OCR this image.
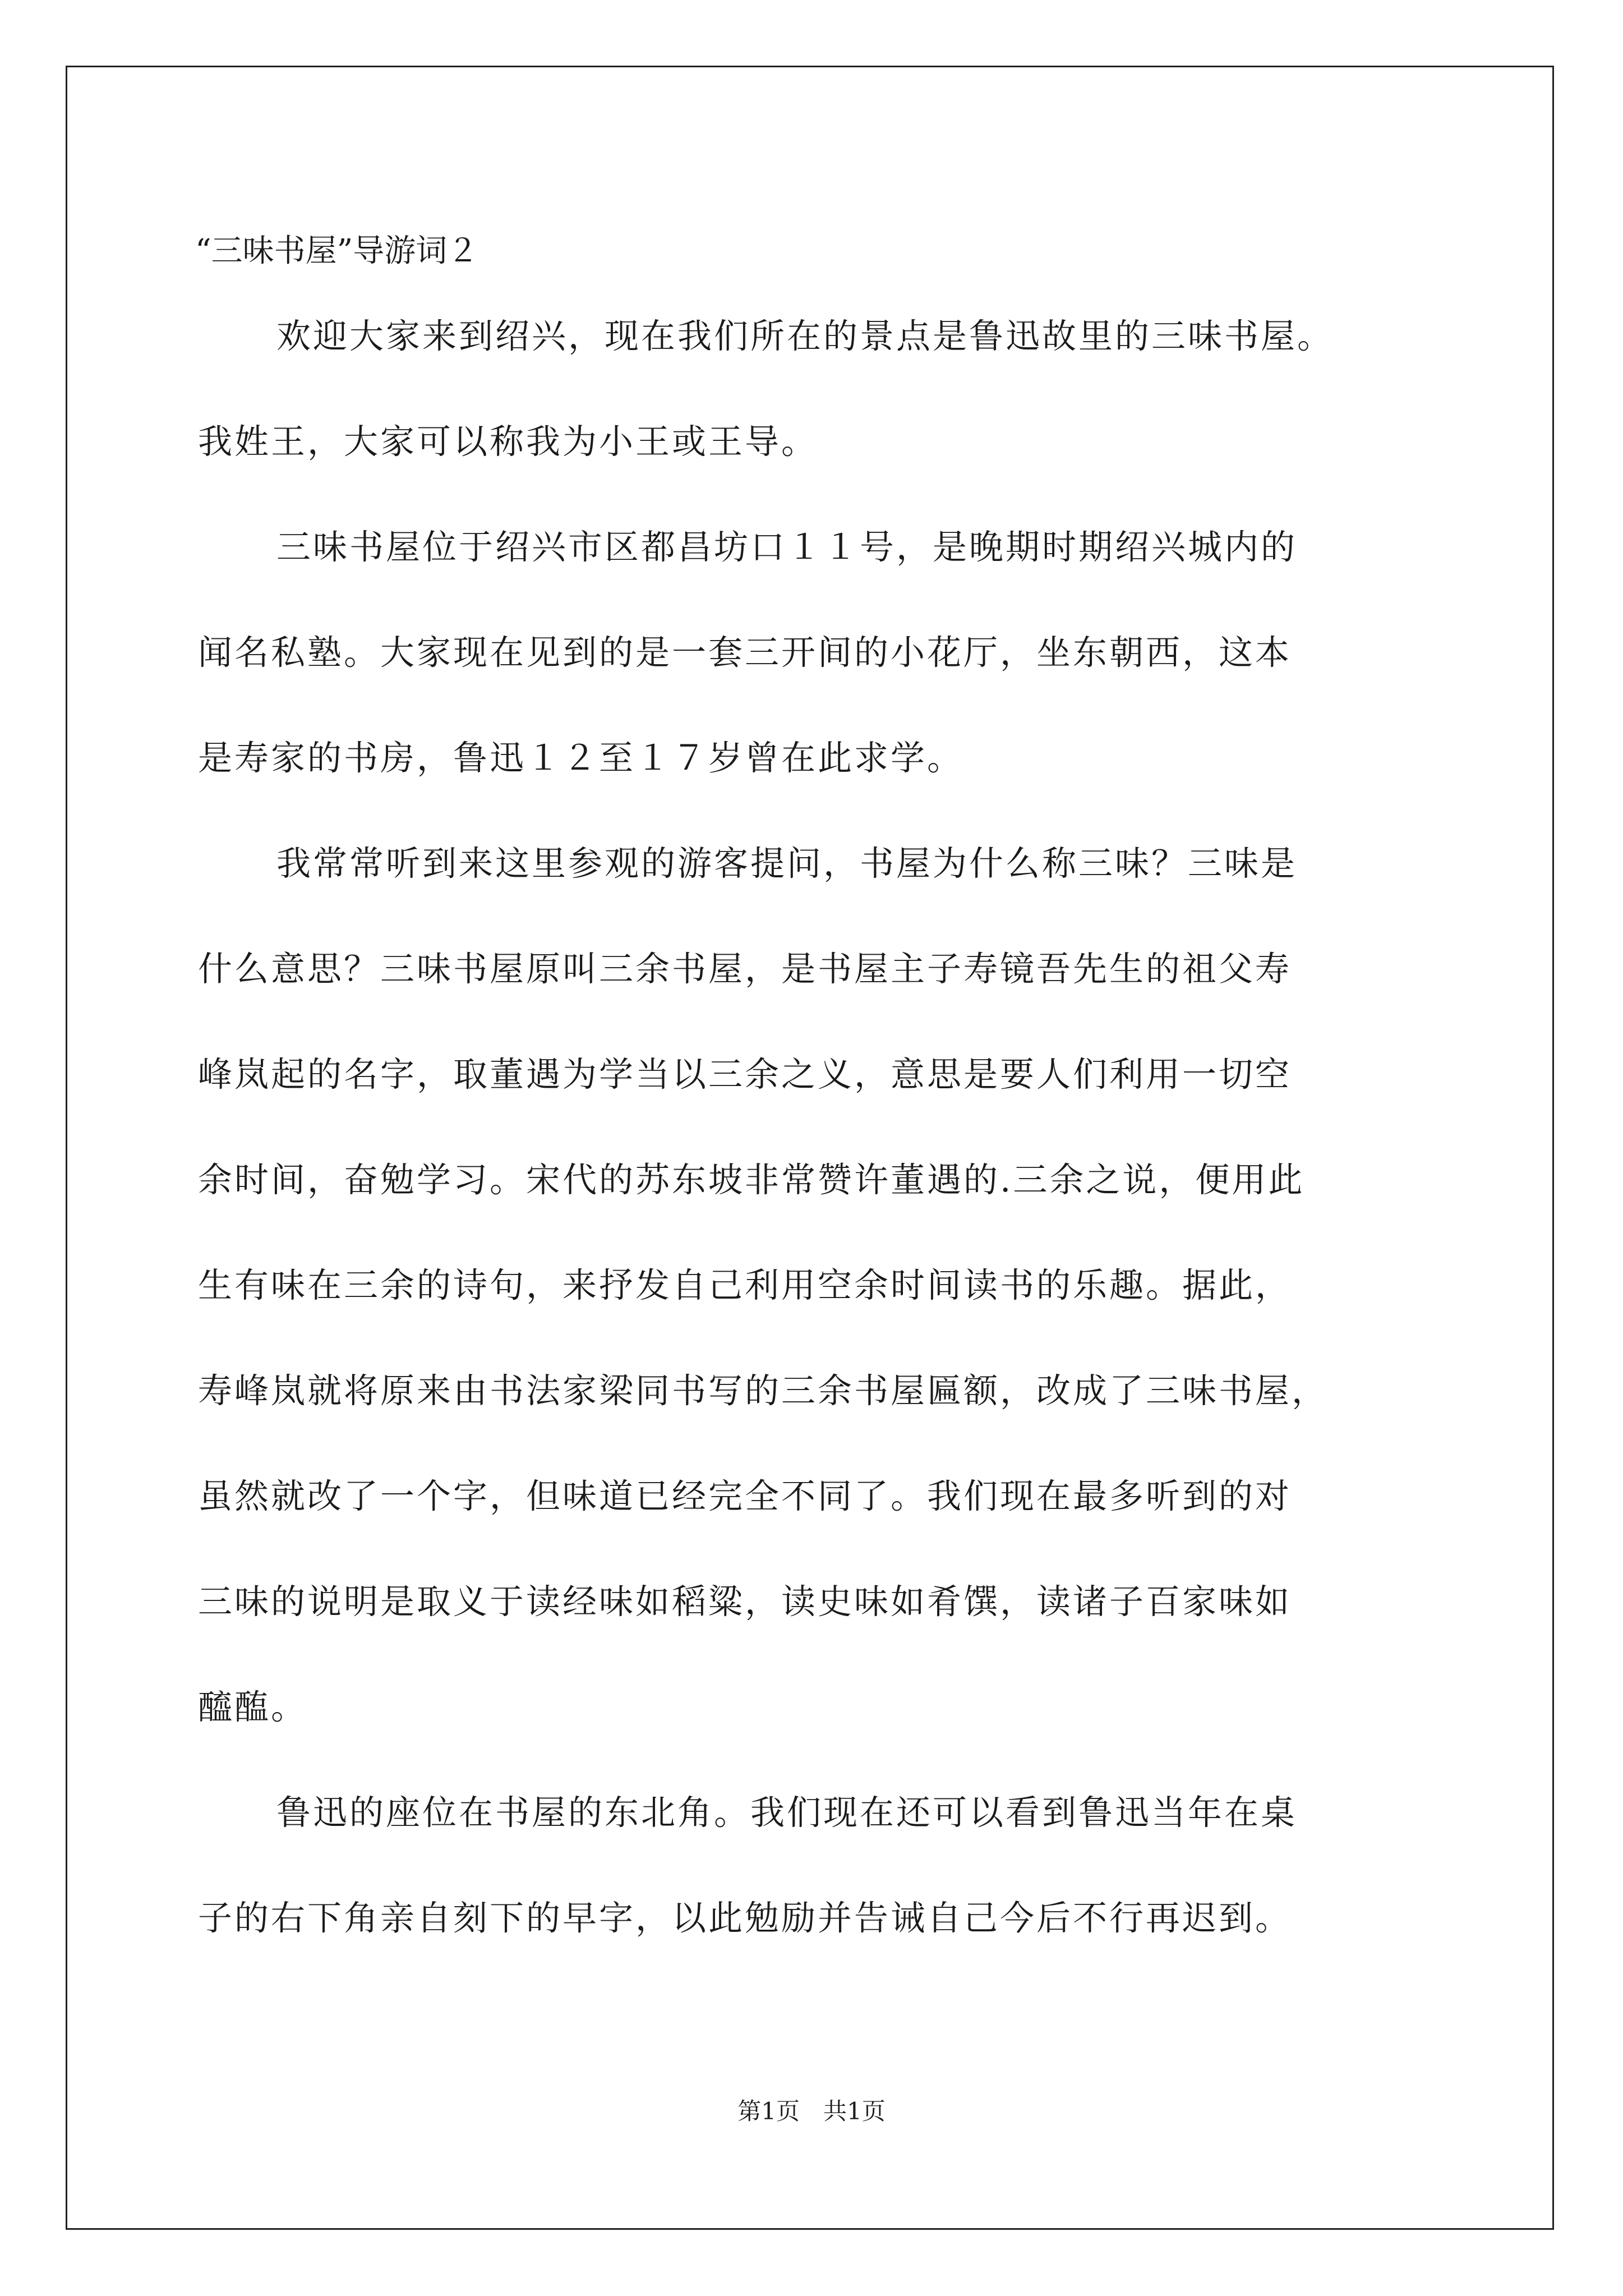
“三味书屋”导游词２

欢迎大家来到绍兴，现在我们所在的景点是鲁迅故里的三味书屋。
我姓王，大家可以称我为小王或王导。

三味书屋位于绍兴市区都昌坊口１１号，是晚期时期绍兴城内的
闻名私塾。大家现在见到的是一套三开间的小花厅，坐东朝西，这本
是寿家的书房，鲁迅１２至１７岁曾在此求学。

我常常听到来这里参观的游客提问，书屋为什么称三味？三味是
什么意思？三味书屋原叫三余书屋，是书屋主子寿镜吾先生的祖父寿
峰岚起的名字，取董遇为学当以三余之义，意思是要人们利用一切空
余时间，奋勉学习。宋代的苏东坡非常赞许董遇的.三余之说，便用此
生有味在三余的诗句，来抒发自己利用空余时间读书的乐趣。据此，
寿峰岚就将原来由书法家梁同书写的三余书屋匾额，改成了三味书屋，
虽然就改了一个字，但味道已经完全不同了。我们现在最多听到的对
三味的说明是取义于读经味如稻粱，读史味如肴馔，读诸子百家味如
醯醢。

鲁迅的座位在书屋的东北角。我们现在还可以看到鲁迅当年在桌
子的右下角亲自刻下的早字，以此勉励并告诫自己今后不行再迟到。

第1页　共1页
